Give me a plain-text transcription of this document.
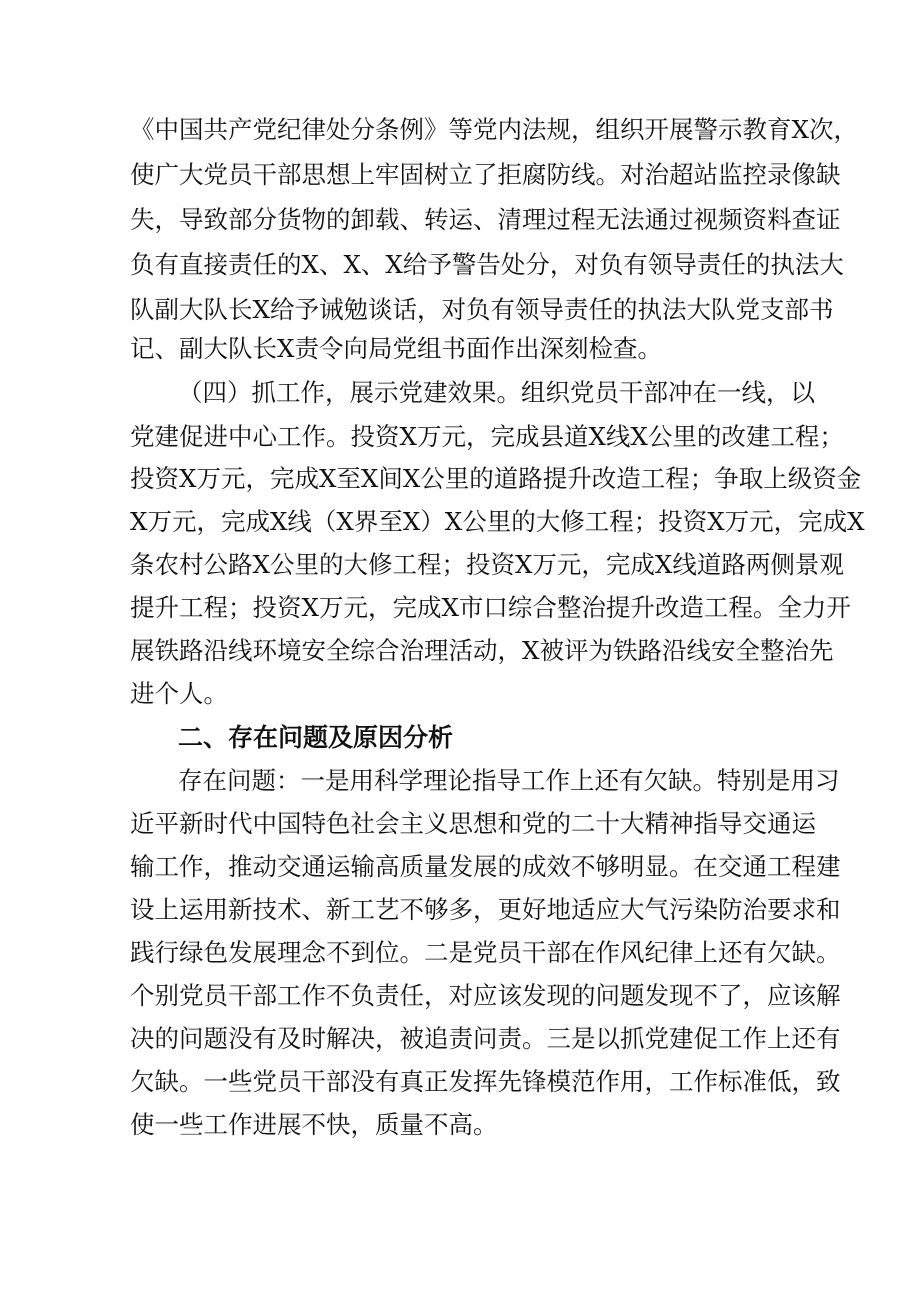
《中国共产党纪律处分条例》等党内法规，组织开展警示教育X次，
使广大党员干部思想上牢固树立了拒腐防线。对治超站监控录像缺
失，导致部分货物的卸载、转运、清理过程无法通过视频资料查证
负有直接责任的X、X、X给予警告处分，对负有领导责任的执法大
队副大队长X给予诫勉谈话，对负有领导责任的执法大队党支部书
记、副大队长X责令向局党组书面作出深刻检查。
（四）抓工作，展示党建效果。组织党员干部冲在一线，以
党建促进中心工作。投资X万元，完成县道X线X公里的改建工程；
投资X万元，完成X至X间X公里的道路提升改造工程；争取上级资金
X万元，完成X线（X界至X）X公里的大修工程；投资X万元，完成X
条农村公路X公里的大修工程；投资X万元，完成X线道路两侧景观
提升工程；投资X万元，完成X市口综合整治提升改造工程。全力开
展铁路沿线环境安全综合治理活动，X被评为铁路沿线安全整治先
进个人。
二、存在问题及原因分析
存在问题：一是用科学理论指导工作上还有欠缺。特别是用习
近平新时代中国特色社会主义思想和党的二十大精神指导交通运
输工作，推动交通运输高质量发展的成效不够明显。在交通工程建
设上运用新技术、新工艺不够多，更好地适应大气污染防治要求和
践行绿色发展理念不到位。二是党员干部在作风纪律上还有欠缺。
个别党员干部工作不负责任，对应该发现的问题发现不了，应该解
决的问题没有及时解决，被追责问责。三是以抓党建促工作上还有
欠缺。一些党员干部没有真正发挥先锋模范作用，工作标准低，致
使一些工作进展不快，质量不高。
